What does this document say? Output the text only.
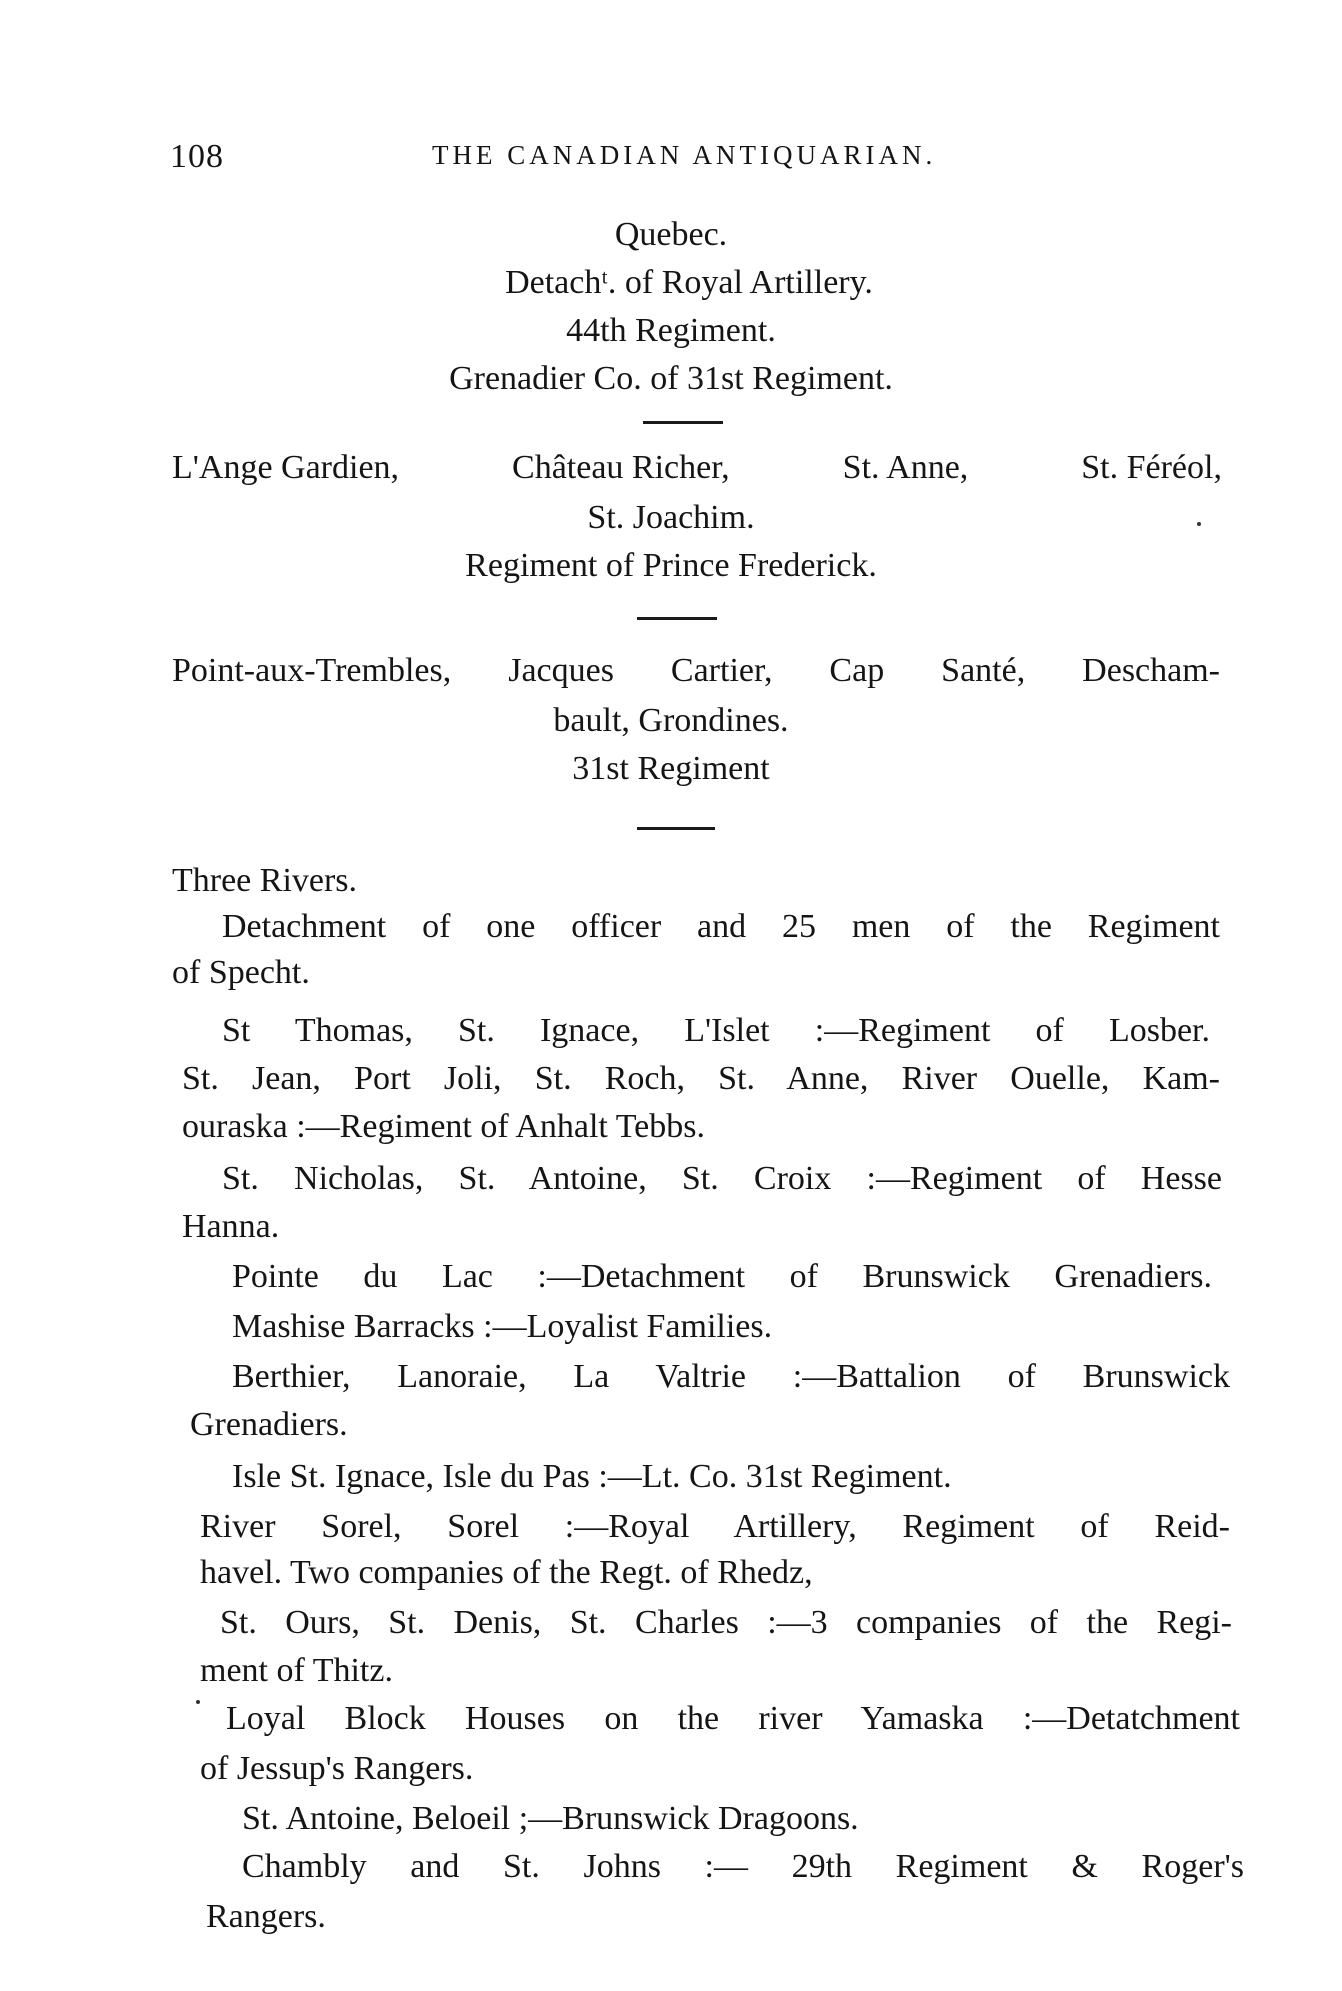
108	THE CANADIAN ANTIQUARIAN.
Quebec.
Detachᵗ. of Royal Artillery.
44th Regiment.
Grenadier Co. of 31st Regiment.
L'Ange Gardien,	Château Richer,	St. Anne,	St. Féréol,
St. Joachim.
Regiment of Prince Frederick.
Point-aux-Trembles, Jacques Cartier, Cap Santé, Descham-
bault, Grondines.
31st Regiment
Three Rivers.
Detachment of one officer and 25 men of the Regiment
of Specht.
St Thomas, St. Ignace, L'Islet :—Regiment of Losber.
St. Jean, Port Joli, St. Roch, St. Anne, River Ouelle, Kam-
ouraska :—Regiment of Anhalt Tebbs.
St. Nicholas, St. Antoine, St. Croix :—Regiment of Hesse
Hanna.
Pointe du Lac :—Detachment of Brunswick Grenadiers.
Mashise Barracks :—Loyalist Families.
Berthier, Lanoraie, La Valtrie :—Battalion of Brunswick
Grenadiers.
Isle St. Ignace, Isle du Pas :—Lt. Co. 31st Regiment.
River Sorel, Sorel :—Royal Artillery, Regiment of Reid-
havel. Two companies of the Regt. of Rhedz,
St. Ours, St. Denis, St. Charles :—3 companies of the Regi-
ment of Thitz.
Loyal Block Houses on the river Yamaska :—Detatchment
of Jessup's Rangers.
St. Antoine, Beloeil ;—Brunswick Dragoons.
Chambly and St. Johns :— 29th Regiment & Roger's
Rangers.
